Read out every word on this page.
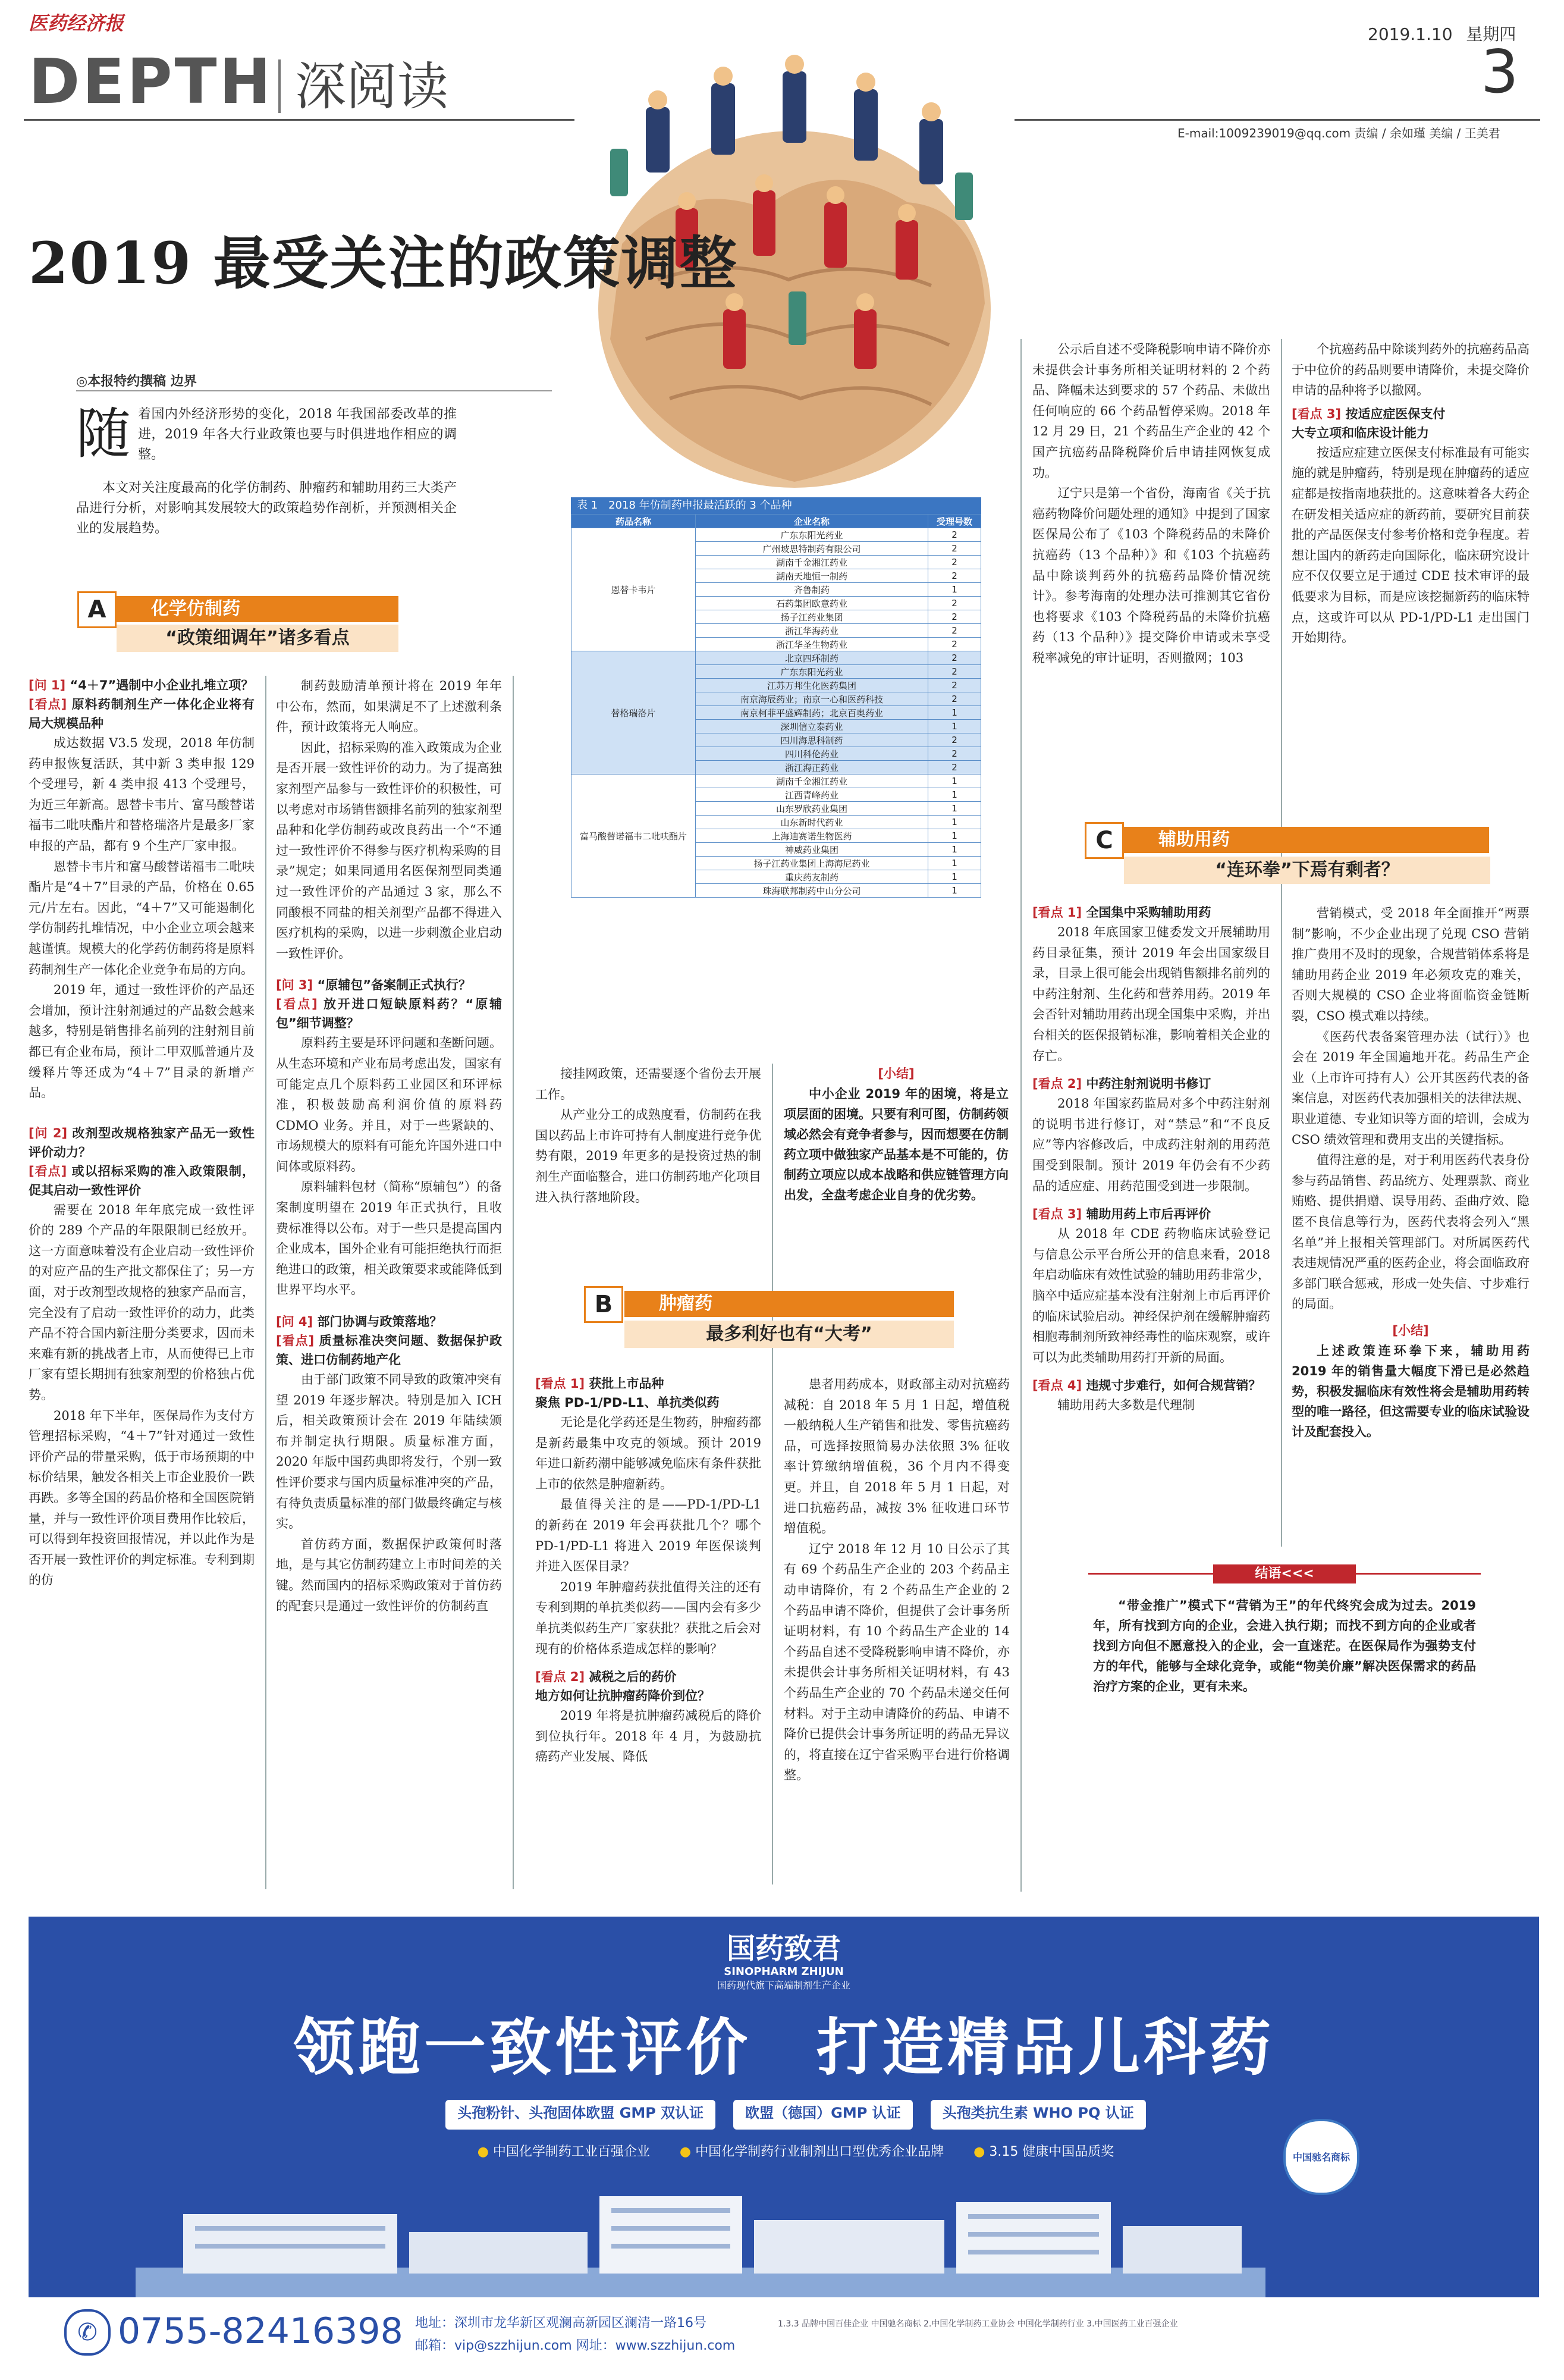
医药经济报
DEPTH 深阅读
2019.1.10 星期四
3
E-mail:1009239019@qq.com 责编 / 余如瑾 美编 / 王美君
2019 最受关注的政策调整
◎本报特约撰稿 边界
随 着国内外经济形势的变化，2018 年我国部委改革的推进，2019 年各大行业政策也要与时俱进地作相应的调整。
本文对关注度最高的化学仿制药、肿瘤药和辅助用药三大类产品进行分析，对影响其发展较大的政策趋势作剖析，并预测相关企业的发展趋势。
化学仿制药
A
“政策细调年”诸多看点

[问 1] “4＋7”遇制中小企业扎堆立项？

[看点] 原料药制剂生产一体化企业将有局大规模品种

成达数据 V3.5 发现，2018 年仿制药申报恢复活跃，其中新 3 类申报 129 个受理号，新 4 类申报 413 个受理号，为近三年新高。恩替卡韦片、富马酸替诺福韦二吡呋酯片和替格瑞洛片是最多厂家申报的产品，都有 9 个生产厂家申报。

恩替卡韦片和富马酸替诺福韦二吡呋酯片是“4＋7”目录的产品，价格在 0.65 元/片左右。因此，“4＋7”又可能遏制化学仿制药扎堆情况，中小企业立项会越来越谨慎。规模大的化学药仿制药将是原料药制剂生产一体化企业竞争布局的方向。

2019 年，通过一致性评价的产品还会增加，预计注射剂通过的产品数会越来越多，特别是销售排名前列的注射剂目前都已有企业布局，预计二甲双胍普通片及缓释片等还成为“4＋7”目录的新增产品。

[问 2] 改剂型改规格独家产品无一致性评价动力？

[看点] 或以招标采购的准入政策限制，促其启动一致性评价

需要在 2018 年年底完成一致性评价的 289 个产品的年限限制已经放开。这一方面意味着没有企业启动一致性评价的对应产品的生产批文都保住了；另一方面，对于改剂型改规格的独家产品而言，完全没有了启动一致性评价的动力，此类产品不符合国内新注册分类要求，因而未来难有新的挑战者上市，从而使得已上市厂家有望长期拥有独家剂型的价格独占优势。

2018 年下半年，医保局作为支付方管理招标采购，“4＋7”针对通过一致性评价产品的带量采购，低于市场预期的中标价结果，触发各相关上市企业股价一跌再跌。多等全国的药品价格和全国医院销量，并与一致性评价项目费用作比较后，可以得到年投资回报情况，并以此作为是否开展一致性评价的判定标准。专利到期的仿

制药鼓励清单预计将在 2019 年年中公布，然而，如果满足不了上述激利条件，预计政策将无人响应。

因此，招标采购的准入政策成为企业是否开展一致性评价的动力。为了提高独家剂型产品参与一致性评价的积极性，可以考虑对市场销售额排名前列的独家剂型品种和化学仿制药或改良药出一个“不通过一致性评价不得参与医疗机构采购的目录”规定；如果同通用名医保剂型同类通过一致性评价的产品通过 3 家，那么不同酸根不同盐的相关剂型产品都不得进入医疗机构的采购，以进一步刺激企业启动一致性评价。

[问 3] “原辅包”备案制正式执行？

[看点] 放开进口短缺原料药？“原辅包”细节调整？

原料药主要是环评问题和垄断问题。从生态环境和产业布局考虑出发，国家有可能定点几个原料药工业园区和环评标准，积极鼓励高利润价值的原料药 CDMO 业务。并且，对于一些紧缺的、市场规模大的原料有可能允许国外进口中间体或原料药。

原料辅料包材（简称“原辅包”）的备案制度明望在 2019 年正式执行，且收费标准得以公布。对于一些只是提高国内企业成本，国外企业有可能拒绝执行而拒绝进口的政策，相关政策要求或能降低到世界平均水平。

[问 4] 部门协调与政策落地？

[看点] 质量标准决突问题、数据保护政策、进口仿制药地产化

由于部门政策不同导致的政策冲突有望 2019 年逐步解决。特别是加入 ICH 后，相关政策预计会在 2019 年陆续颁布并制定执行期限。质量标准方面，2020 年版中国药典即将发行，个别一致性评价要求与国内质量标准冲突的产品，有待负责质量标准的部门做最终确定与核实。

首仿药方面，数据保护政策何时落地，是与其它仿制药建立上市时间差的关键。然而国内的招标采购政策对于首仿药的配套只是通过一致性评价的仿制药直

表 1　2018 年仿制药申报最活跃的 3 个品种
药品名称	企业名称	受理号数
恩替卡韦片	广东东阳光药业	2
	广州坡思特制药有限公司	2
	湖南千金湘江药业	2
	湖南天地恒一制药	2
	齐鲁制药	1
	石药集团欧意药业	2
	扬子江药业集团	2
	浙江华海药业	2
	浙江华圣生物药业	2
替格瑞洛片	北京四环制药	2
	广东东阳光药业	2
	江苏万邦生化医药集团	2
	南京海辰药业；南京一心和医药科技	2
	南京柯菲平盛辉制药；北京百奥药业	1
	深圳信立泰药业	1
	四川海思科制药	2
	四川科伦药业	2
	浙江海正药业	2
富马酸替诺福韦二吡呋酯片	湖南千金湘江药业	1
	江西青峰药业	1
	山东罗欣药业集团	1
	山东新时代药业	1
	上海迪赛诺生物医药	1
	神威药业集团	1
	扬子江药业集团上海海尼药业	1
	重庆药友制药	1
	珠海联邦制药中山分公司	1

接挂网政策，还需要逐个省份去开展工作。

从产业分工的成熟度看，仿制药在我国以药品上市许可持有人制度进行竞争优势有限，2019 年更多的是投资过热的制剂生产面临整合，进口仿制药地产化项目进入执行落地阶段。

[小结]

中小企业 2019 年的困境，将是立项层面的困境。只要有利可图，仿制药领域必然会有竞争者参与，因而想要在仿制药立项中做独家产品基本是不可能的，仿制药立项应以成本战略和供应链管理方向出发，全盘考虑企业自身的优劣势。

肿瘤药
B
最多利好也有“大考”

[看点 1] 获批上市品种

聚焦 PD-1/PD-L1、单抗类似药

无论是化学药还是生物药，肿瘤药都是新药最集中攻克的领域。预计 2019 年进口新药潮中能够减免临床有条件获批上市的依然是肿瘤新药。

最值得关注的是——PD-1/PD-L1 的新药在 2019 年会再获批几个？哪个 PD-1/PD-L1 将进入 2019 年医保谈判并进入医保目录？

2019 年肿瘤药获批值得关注的还有专利到期的单抗类似药——国内会有多少单抗类似药生产厂家获批？获批之后会对现有的价格体系造成怎样的影响？

[看点 2] 减税之后的药价

地方如何让抗肿瘤药降价到位？

2019 年将是抗肿瘤药减税后的降价到位执行年。2018 年 4 月，为鼓励抗癌药产业发展、降低

患者用药成本，财政部主动对抗癌药减税：自 2018 年 5 月 1 日起，增值税一般纳税人生产销售和批发、零售抗癌药品，可选择按照简易办法依照 3% 征收率计算缴纳增值税，36 个月内不得变更。并且，自 2018 年 5 月 1 日起，对进口抗癌药品，减按 3% 征收进口环节增值税。

辽宁 2018 年 12 月 10 日公示了其有 69 个药品生产企业的 203 个药品主动申请降价，有 2 个药品生产企业的 2 个药品申请不降价，但提供了会计事务所证明材料，有 10 个药品生产企业的 14 个药品自述不受降税影响申请不降价，亦未提供会计事务所相关证明材料，有 43 个药品生产企业的 70 个药品未递交任何材料。对于主动申请降价的药品、申请不降价已提供会计事务所证明的药品无异议的，将直接在辽宁省采购平台进行价格调整。

公示后自述不受降税影响申请不降价亦未提供会计事务所相关证明材料的 2 个药品、降幅未达到要求的 57 个药品、未做出任何响应的 66 个药品暂停采购。2018 年 12 月 29 日，21 个药品生产企业的 42 个国产抗癌药品降税降价后申请挂网恢复成功。

辽宁只是第一个省份，海南省《关于抗癌药物降价问题处理的通知》中提到了国家医保局公布了《103 个降税药品的未降价抗癌药（13 个品种）》和《103 个抗癌药品中除谈判药外的抗癌药品降价情况统计》。参考海南的处理办法可推测其它省份也将要求《103 个降税药品的未降价抗癌药（13 个品种）》提交降价申请或未享受税率减免的审计证明，否则撤网；103

个抗癌药品中除谈判药外的抗癌药品高于中位价的药品则要申请降价，未提交降价申请的品种将予以撤网。

[看点 3] 按适应症医保支付

大专立项和临床设计能力

按适应症建立医保支付标准最有可能实施的就是肿瘤药，特别是现在肿瘤药的适应症都是按指南地获批的。这意味着各大药企在研发相关适应症的新药前，要研究目前获批的产品医保支付参考价格和竞争程度。若想让国内的新药走向国际化，临床研究设计应不仅仅要立足于通过 CDE 技术审评的最低要求为目标，而是应该挖掘新药的临床特点，这或许可以从 PD-1/PD-L1 走出国门开始期待。

辅助用药
C
“连环拳”下焉有剩者？

[看点 1] 全国集中采购辅助用药

2018 年底国家卫健委发文开展辅助用药目录征集，预计 2019 年会出国家级目录，目录上很可能会出现销售额排名前列的中药注射剂、生化药和营养用药。2019 年会否针对辅助用药出现全国集中采购，并出台相关的医保报销标准，影响着相关企业的存亡。

[看点 2] 中药注射剂说明书修订

2018 年国家药监局对多个中药注射剂的说明书进行修订，对“禁忌”和“不良反应”等内容修改后，中成药注射剂的用药范围受到限制。预计 2019 年仍会有不少药品的适应症、用药范围受到进一步限制。

[看点 3] 辅助用药上市后再评价

从 2018 年 CDE 药物临床试验登记与信息公示平台所公开的信息来看，2018 年启动临床有效性试验的辅助用药非常少，脑卒中适应症基本没有注射剂上市后再评价的临床试验启动。神经保护剂在缓解肿瘤药相胞毒制剂所致神经毒性的临床观察，或许可以为此类辅助用药打开新的局面。

[看点 4] 违规寸步难行，如何合规营销？

辅助用药大多数是代理制

营销模式，受 2018 年全面推开“两票制”影响，不少企业出现了兑现 CSO 营销推广费用不及时的现象，合规营销体系将是辅助用药企业 2019 年必须攻克的难关，否则大规模的 CSO 企业将面临资金链断裂，CSO 模式难以持续。

《医药代表备案管理办法（试行）》也会在 2019 年全国遍地开花。药品生产企业（上市许可持有人）公开其医药代表的备案信息，对医药代表加强相关的法律法规、职业道德、专业知识等方面的培训，会成为 CSO 绩效管理和费用支出的关键指标。

值得注意的是，对于利用医药代表身份参与药品销售、药品统方、处理票款、商业贿赂、提供捐赠、误导用药、歪曲疗效、隐匿不良信息等行为，医药代表将会列入“黑名单”并上报相关管理部门。对所属医药代表违规情况严重的医药企业，将会面临政府多部门联合惩戒，形成一处失信、寸步难行的局面。

[小结]

上述政策连环拳下来，辅助用药 2019 年的销售量大幅度下滑已是必然趋势，积极发掘临床有效性将会是辅助用药转型的唯一路径，但这需要专业的临床试验设计及配套投入。

结语<<<
“带金推广”模式下“营销为王”的年代终究会成为过去。2019 年，所有找到方向的企业，会进入执行期；而找不到方向的企业或者找到方向但不愿意投入的企业，会一直迷茫。在医保局作为强势支付方的年代，能够与全球化竞争，或能“物美价廉”解决医保需求的药品治疗方案的企业，更有未来。
国药致君
SINOPHARM ZHIJUN
国药现代旗下高端制剂生产企业
领跑一致性评价　打造精品儿科药
头孢粉针、头孢固体欧盟 GMP 双认证	欧盟（德国）GMP 认证	头孢类抗生素 WHO PQ 认证
● 中国化学制药工业百强企业 ● 中国化学制药行业制剂出口型优秀企业品牌 ● 3.15 健康中国品质奖	中国驰名商标
✆ 0755-82416398 地址：深圳市龙华新区观澜高新园区澜清一路16号
邮箱：vip@szzhijun.com 网址：www.szzhijun.com
1.3.3 品牌中国百佳企业 中国驰名商标 2.中国化学制药工业协会 中国化学制药行业 3.中国医药工业百强企业
